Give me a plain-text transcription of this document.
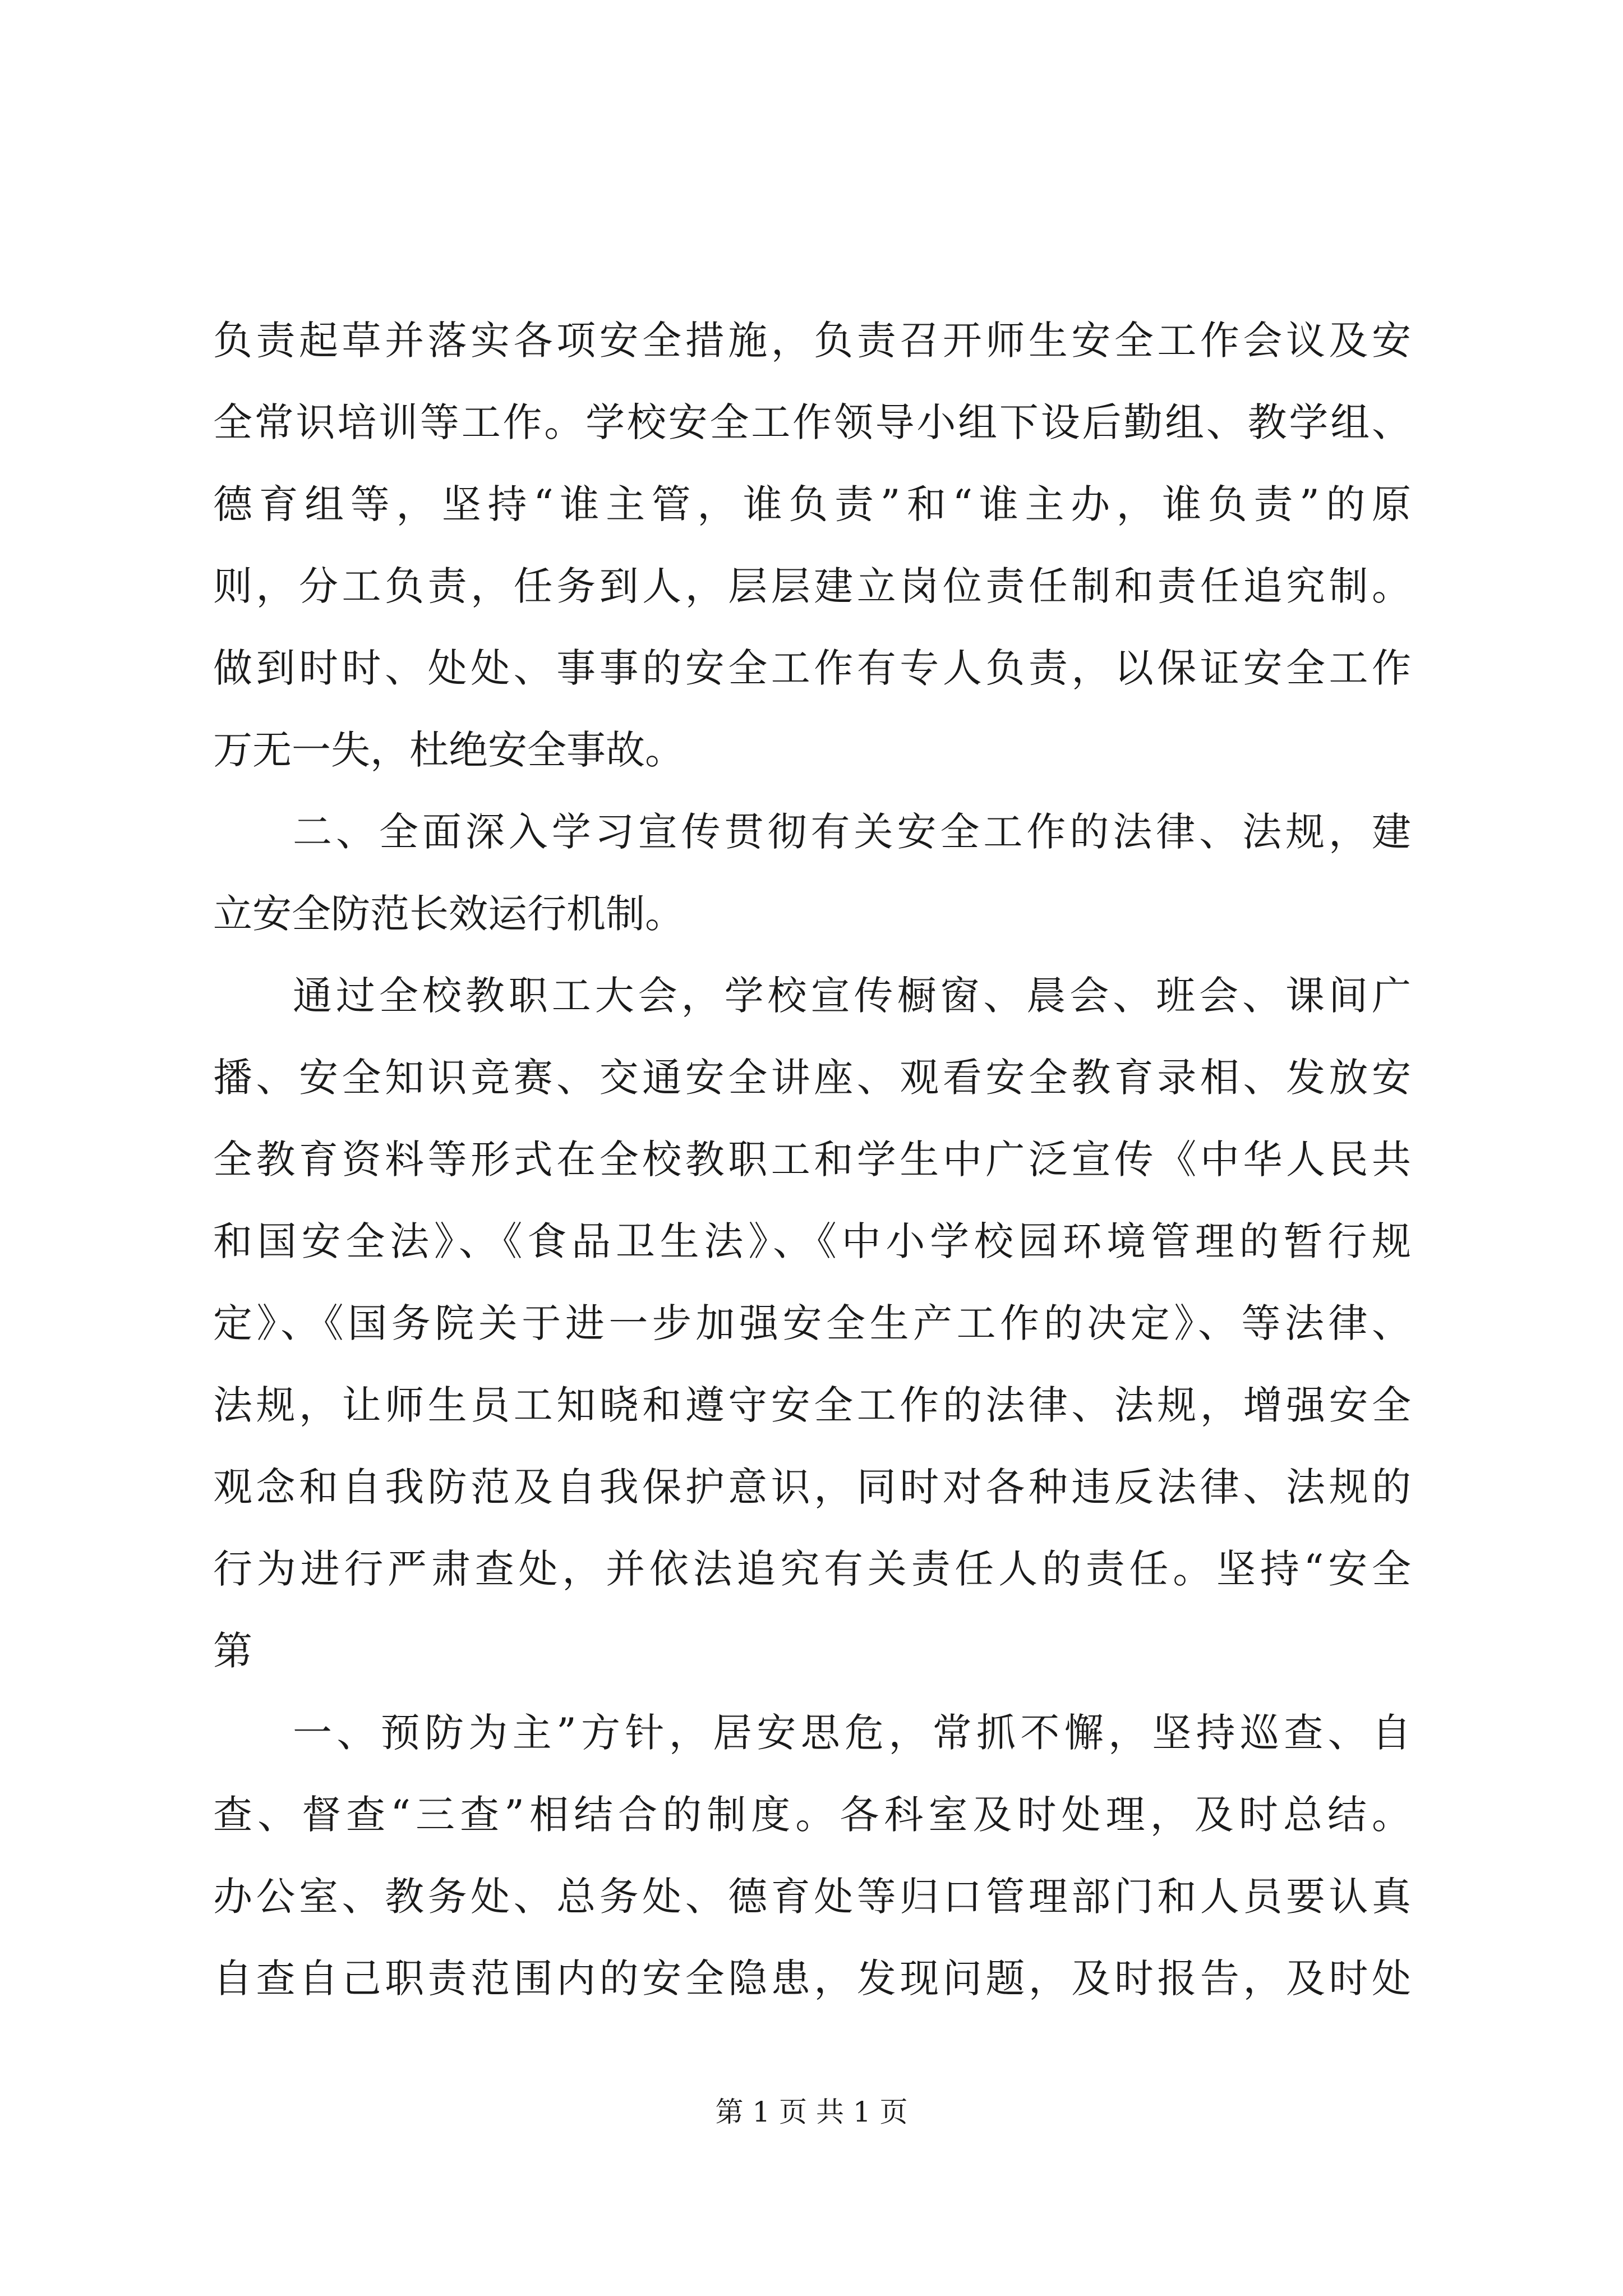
负责起草并落实各项安全措施，负责召开师生安全工作会议及安
全常识培训等工作。学校安全工作领导小组下设后勤组、教学组、
德育组等，坚持“谁主管，谁负责”和“谁主办，谁负责”的原
则，分工负责，任务到人，层层建立岗位责任制和责任追究制。
做到时时、处处、事事的安全工作有专人负责，以保证安全工作
万无一失，杜绝安全事故。
二、全面深入学习宣传贯彻有关安全工作的法律、法规，建
立安全防范长效运行机制。
通过全校教职工大会，学校宣传橱窗、晨会、班会、课间广
播、安全知识竞赛、交通安全讲座、观看安全教育录相、发放安
全教育资料等形式在全校教职工和学生中广泛宣传《中华人民共
和国安全法》、《食品卫生法》、《中小学校园环境管理的暂行规
定》、《国务院关于进一步加强安全生产工作的决定》、等法律、
法规，让师生员工知晓和遵守安全工作的法律、法规，增强安全
观念和自我防范及自我保护意识，同时对各种违反法律、法规的
行为进行严肃查处，并依法追究有关责任人的责任。坚持“安全
第
一、预防为主”方针，居安思危，常抓不懈，坚持巡查、自
查、督查“三查”相结合的制度。各科室及时处理，及时总结。
办公室、教务处、总务处、德育处等归口管理部门和人员要认真
自查自己职责范围内的安全隐患，发现问题，及时报告，及时处
第 1 页 共 1 页
